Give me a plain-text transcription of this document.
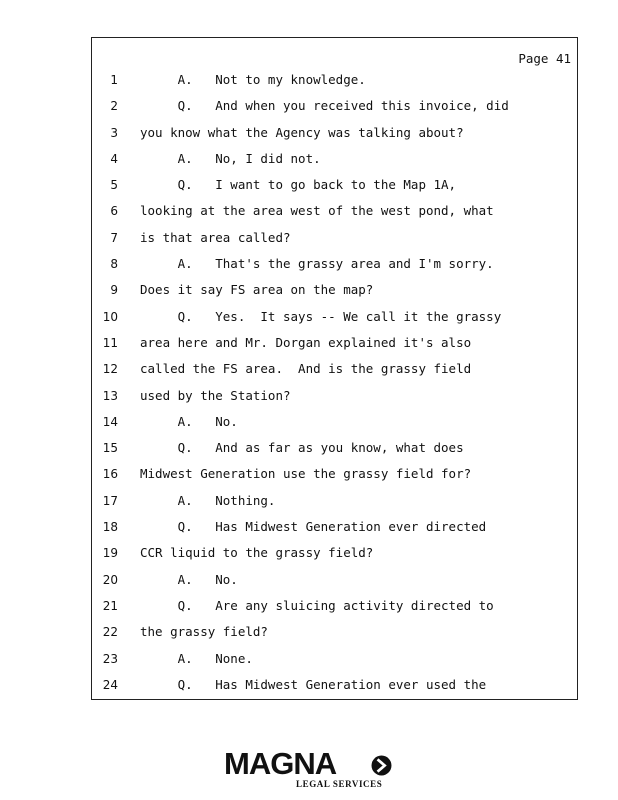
Page 41
1 A.   Not to my knowledge.
2 Q.   And when you received this invoice, did
3 you know what the Agency was talking about?
4 A.   No, I did not.
5 Q.   I want to go back to the Map 1A,
6 looking at the area west of the west pond, what
7 is that area called?
8 A.   That's the grassy area and I'm sorry.
9 Does it say FS area on the map?
10 Q.   Yes.  It says -- We call it the grassy
11 area here and Mr. Dorgan explained it's also
12 called the FS area.  And is the grassy field
13 used by the Station?
14 A.   No.
15 Q.   And as far as you know, what does
16 Midwest Generation use the grassy field for?
17 A.   Nothing.
18 Q.   Has Midwest Generation ever directed
19 CCR liquid to the grassy field?
20 A.   No.
21 Q.   Are any sluicing activity directed to
22 the grassy field?
23 A.   None.
24 Q.   Has Midwest Generation ever used the
MAGNA
LEGAL SERVICES
